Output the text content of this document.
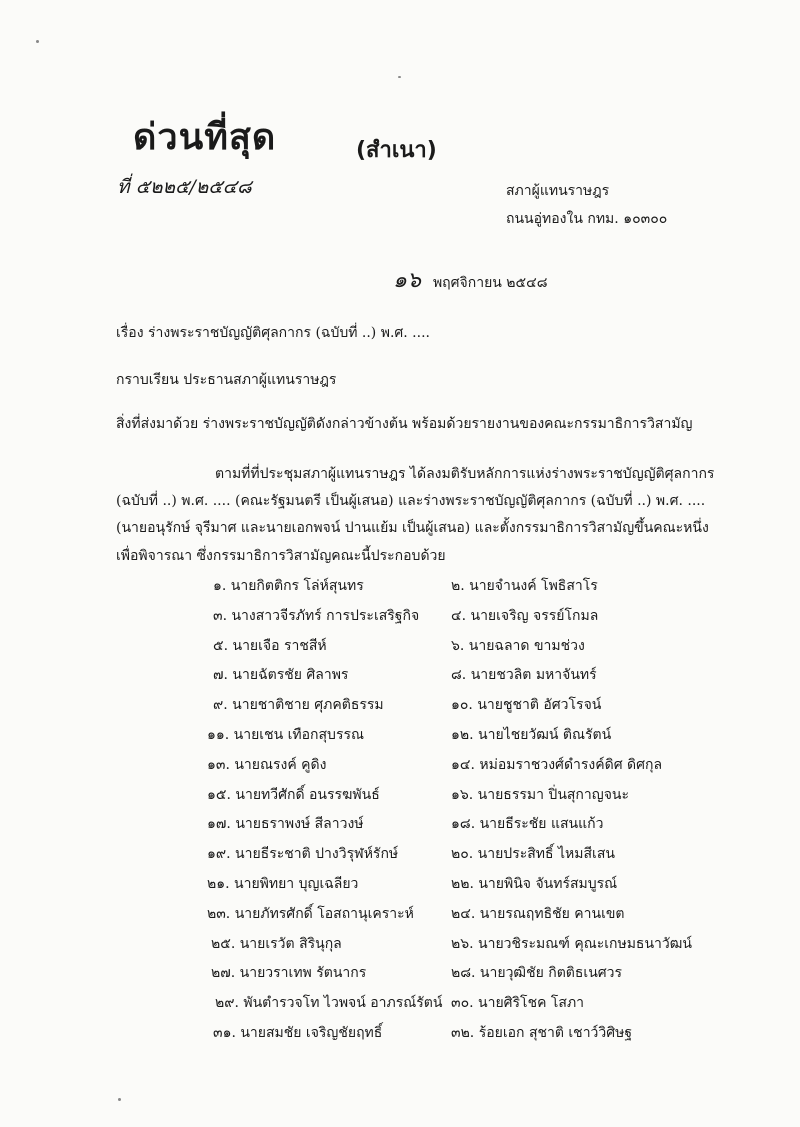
ด่วนที่สุด	(สำเนา)
ที่ ๕๒๒๕/๒๕๔๘	สภาผู้แทนราษฎร
ถนนอู่ทองใน กทม. ๑๐๓๐๐
๑๖ พฤศจิกายน ๒๕๔๘
เรื่อง ร่างพระราชบัญญัติศุลกากร (ฉบับที่ ..) พ.ศ. ....
กราบเรียน ประธานสภาผู้แทนราษฎร
สิ่งที่ส่งมาด้วย ร่างพระราชบัญญัติดังกล่าวข้างต้น พร้อมด้วยรายงานของคณะกรรมาธิการวิสามัญ
ตามที่ที่ประชุมสภาผู้แทนราษฎร ได้ลงมติรับหลักการแห่งร่างพระราชบัญญัติศุลกากร
(ฉบับที่ ..) พ.ศ. .... (คณะรัฐมนตรี เป็นผู้เสนอ) และร่างพระราชบัญญัติศุลกากร (ฉบับที่ ..) พ.ศ. ....
(นายอนุรักษ์ จุรีมาศ และนายเอกพจน์ ปานแย้ม เป็นผู้เสนอ) และตั้งกรรมาธิการวิสามัญขึ้นคณะหนึ่ง
เพื่อพิจารณา ซึ่งกรรมาธิการวิสามัญคณะนี้ประกอบด้วย
๑. นายกิตติกร โล่ห์สุนทร
๓. นางสาวจีรภัทร์ การประเสริฐกิจ
๕. นายเจือ ราชสีห์
๗. นายฉัตรชัย ศิลาพร
๙. นายชาติชาย ศุภคติธรรม
๑๑. นายเชน เทือกสุบรรณ
๑๓. นายณรงค์ คูดิง
๑๕. นายทวีศักดิ์ อนรรฆพันธ์
๑๗. นายธราพงษ์ สีลาวงษ์
๑๙. นายธีระชาติ ปางวิรุฬห์รักษ์
๒๑. นายพิทยา บุญเฉลียว
๒๓. นายภัทรศักดิ์ โอสถานุเคราะห์
๒๕. นายเรวัต สิรินุกุล
๒๗. นายวราเทพ รัตนากร
๒๙. พันตำรวจโท ไวพจน์ อาภรณ์รัตน์
๓๑. นายสมชัย เจริญชัยฤทธิ์
๒. นายจำนงค์ โพธิสาโร
๔. นายเจริญ จรรย์โกมล
๖. นายฉลาด ขามช่วง
๘. นายชวลิต มหาจันทร์
๑๐. นายชูชาติ อัศวโรจน์
๑๒. นายไชยวัฒน์ ติณรัตน์
๑๔. หม่อมราชวงศ์ดำรงค์ดิศ ดิศกุล
๑๖. นายธรรมา ปิ่นสุกาญจนะ
๑๘. นายธีระชัย แสนแก้ว
๒๐. นายประสิทธิ์ ไหมสีเสน
๒๒. นายพินิจ จันทร์สมบูรณ์
๒๔. นายรณฤทธิชัย คานเขต
๒๖. นายวชิระมณฑ์ คุณะเกษมธนาวัฒน์
๒๘. นายวุฒิชัย กิตติธเนศวร
๓๐. นายศิริโชค โสภา
๓๒. ร้อยเอก สุชาติ เชาว์วิศิษฐ
